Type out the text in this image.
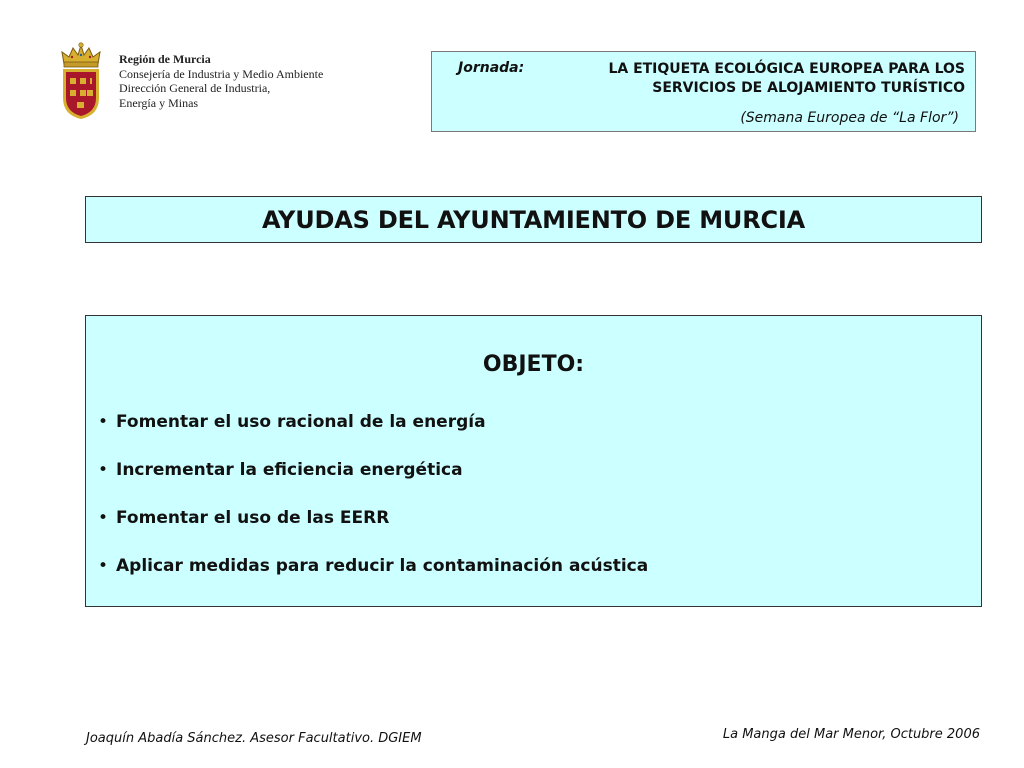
Región de Murcia
Consejería de Industria y Medio Ambiente
Dirección General de Industria,
Energía y Minas
Jornada:	LA ETIQUETA ECOLÓGICA EUROPEA PARA LOS
SERVICIOS DE ALOJAMIENTO TURÍSTICO
(Semana Europea de “La Flor”)
AYUDAS DEL AYUNTAMIENTO DE MURCIA
OBJETO:
• Fomentar el uso racional de la energía
• Incrementar la eficiencia energética
• Fomentar el uso de las EERR
• Aplicar medidas para reducir la contaminación acústica
Joaquín Abadía Sánchez. Asesor Facultativo. DGIEM	La Manga del Mar Menor, Octubre 2006
